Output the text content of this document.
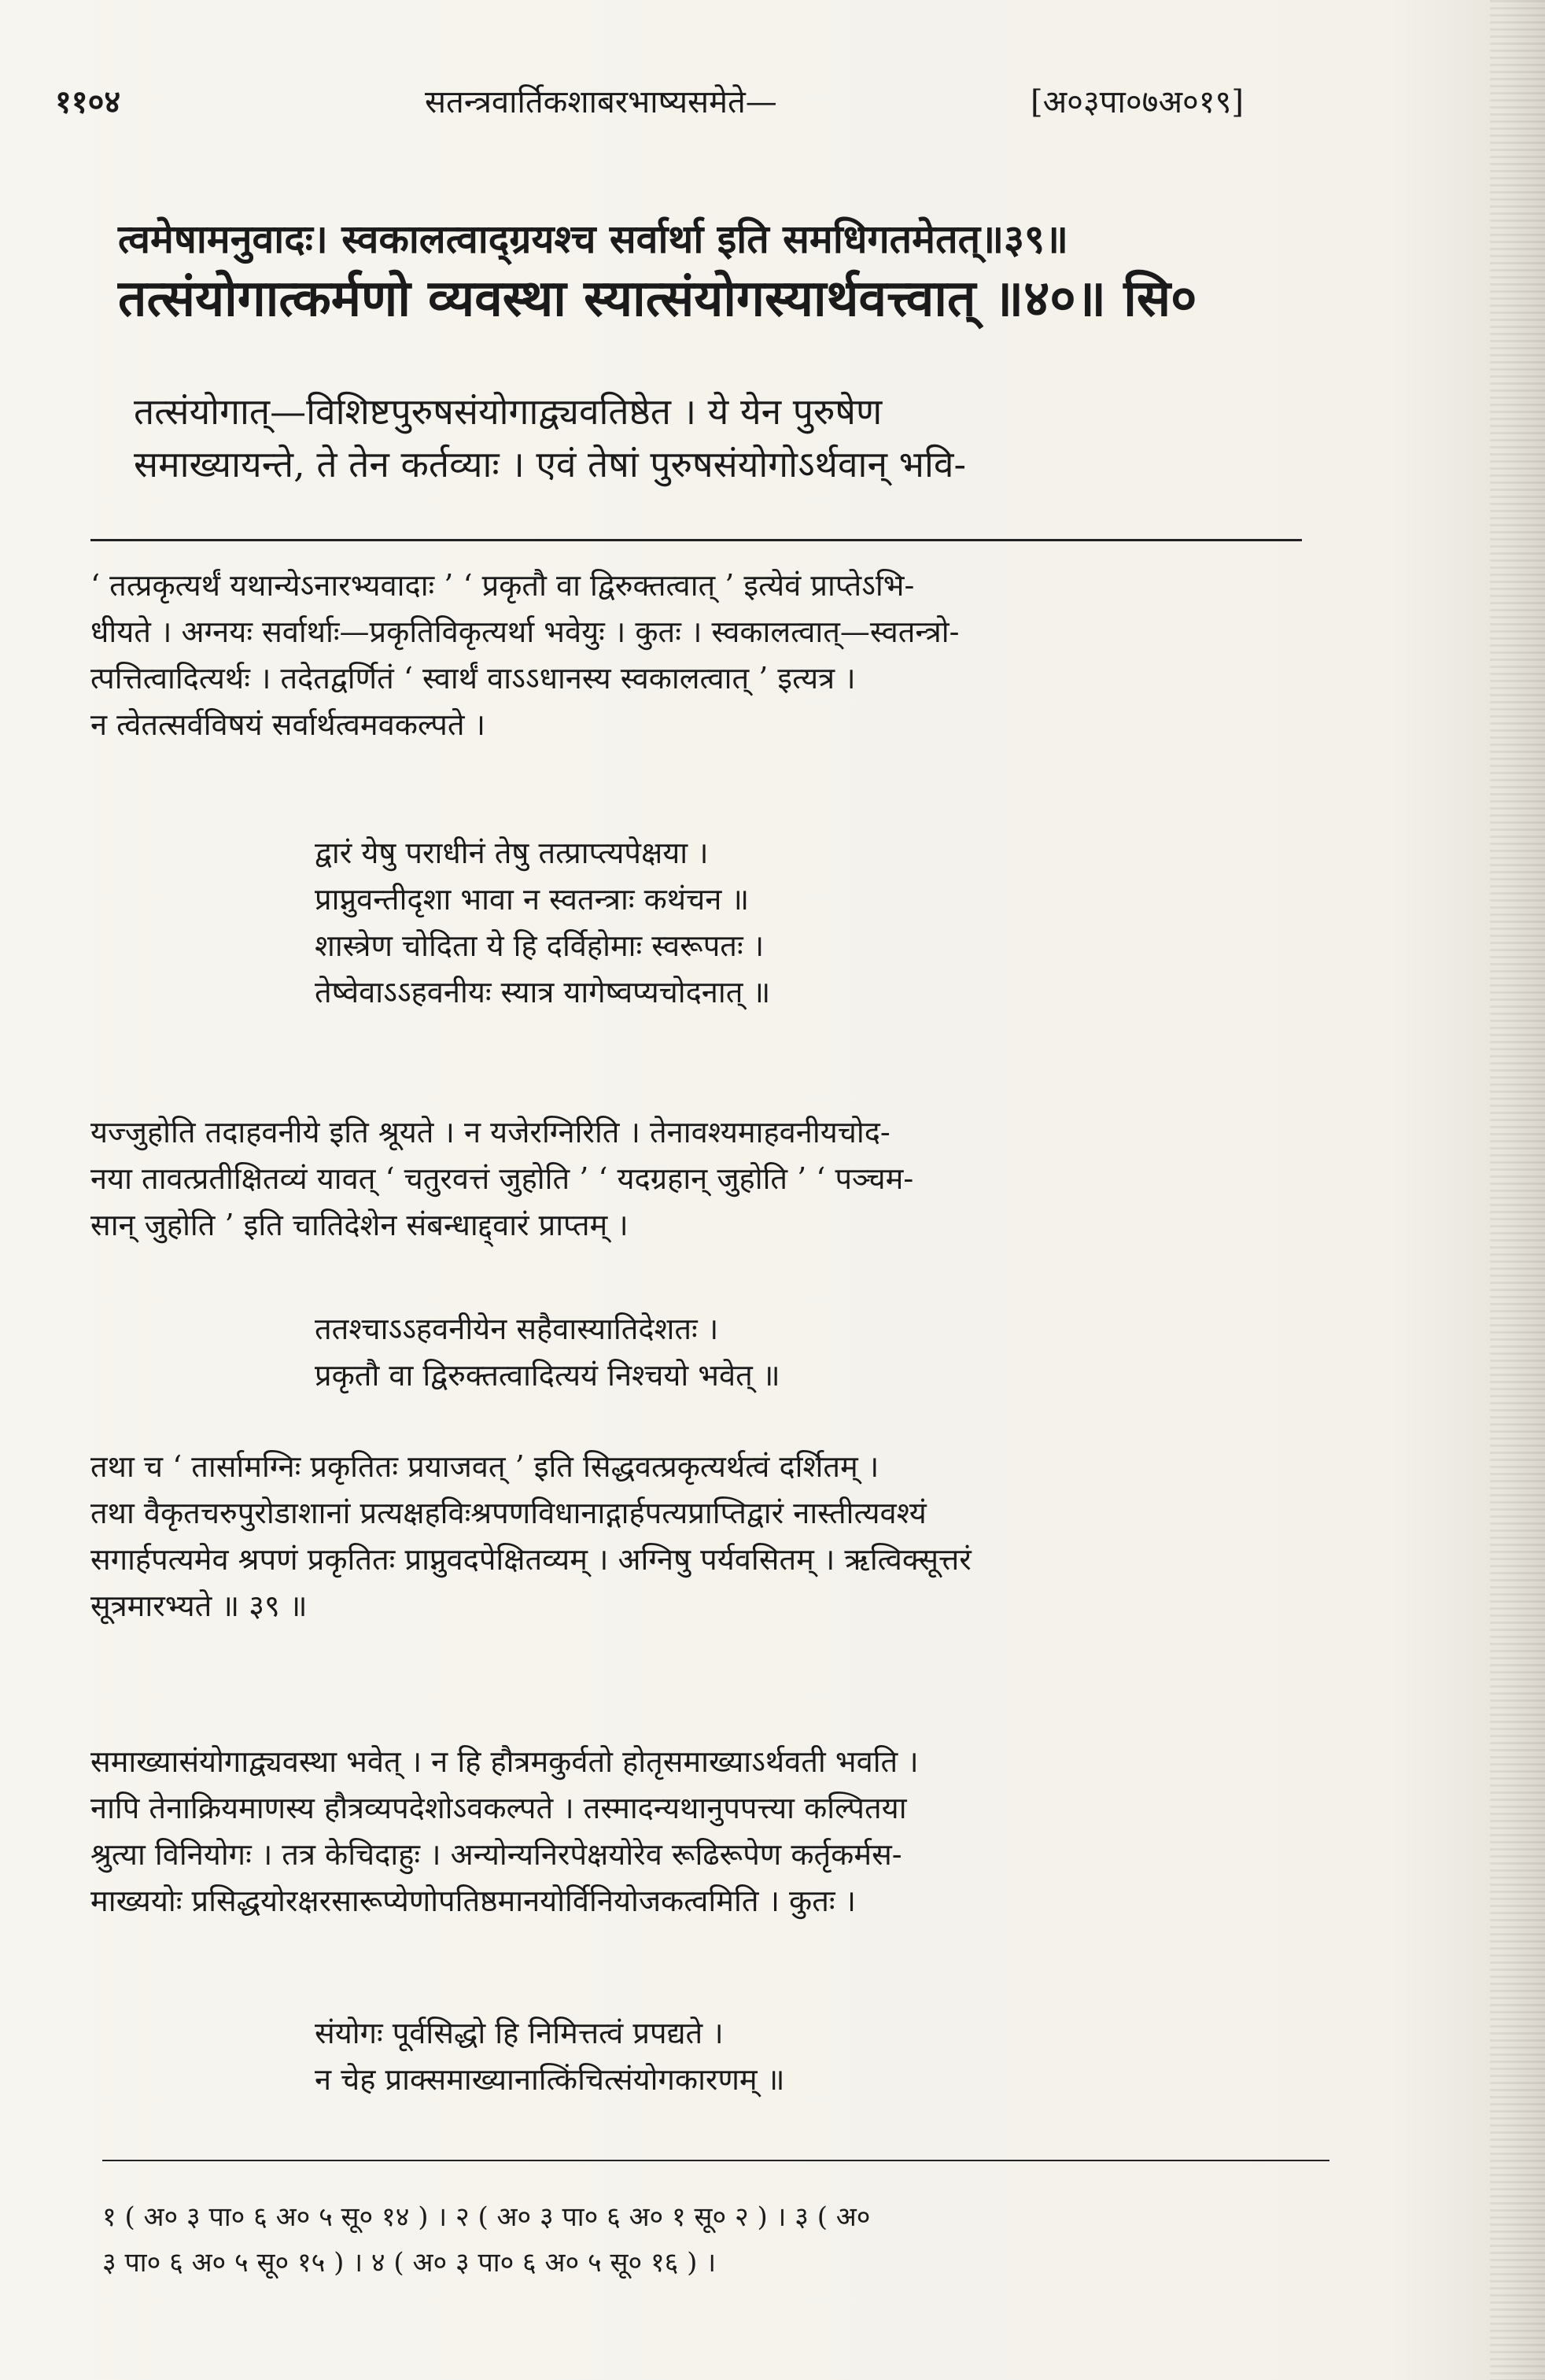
११०४	सतन्त्रवार्तिकशाबरभाष्यसमेते—	[अ०३पा०७अ०१९]
त्वमेषामनुवादः। स्वकालत्वाद्ग्रयश्च सर्वार्था इति समधिगतमेतत्॥३९॥
तत्संयोगात्कर्मणो व्यवस्था स्यात्संयोगस्यार्थवत्त्वात् ॥४०॥ सि०
तत्संयोगात्—विशिष्टपुरुषसंयोगाद्व्यवतिष्ठेत । ये येन पुरुषेण
समाख्यायन्ते, ते तेन कर्तव्याः । एवं तेषां पुरुषसंयोगोऽर्थवान् भवि-
‘ तत्प्रकृत्यर्थं यथान्येऽनारभ्यवादाः ’ ‘ प्रकृतौ वा द्विरुक्तत्वात् ’ इत्येवं प्राप्तेऽभि-
धीयते । अग्नयः सर्वार्थाः—प्रकृतिविकृत्यर्था भवेयुः । कुतः । स्वकालत्वात्—स्वतन्त्रो-
त्पत्तित्वादित्यर्थः । तदेतद्वर्णितं ‘ स्वार्थं वाऽऽधानस्य स्वकालत्वात् ’ इत्यत्र ।
न त्वेतत्सर्वविषयं सर्वार्थत्वमवकल्पते ।
द्वारं येषु पराधीनं तेषु तत्प्राप्त्यपेक्षया ।
प्राप्नुवन्तीदृशा भावा न स्वतन्त्राः कथंचन ॥
शास्त्रेण चोदिता ये हि दर्विहोमाः स्वरूपतः ।
तेष्वेवाऽऽहवनीयः स्यात्र यागेष्वप्यचोदनात् ॥
यज्जुहोति तदाहवनीये इति श्रूयते । न यजेरग्निरिति । तेनावश्यमाहवनीयचोद-
नया तावत्प्रतीक्षितव्यं यावत् ‘ चतुरवत्तं जुहोति ’ ‘ यदग्रहान् जुहोति ’ ‘ पञ्चम-
सान् जुहोति ’ इति चातिदेशेन संबन्धाद्द्वारं प्राप्तम् ।
ततश्चाऽऽहवनीयेन सहैवास्यातिदेशतः ।
प्रकृतौ वा द्विरुक्तत्वादित्ययं निश्चयो भवेत् ॥
तथा च ‘ तार्सामग्निः प्रकृतितः प्रयाजवत् ’ इति सिद्धवत्प्रकृत्यर्थत्वं दर्शितम् ।
तथा वैकृतचरुपुरोडाशानां प्रत्यक्षहविःश्रपणविधानाद्गार्हपत्यप्राप्तिद्वारं नास्तीत्यवश्यं
सगार्हपत्यमेव श्रपणं प्रकृतितः प्राप्नुवदपेक्षितव्यम् । अग्निषु पर्यवसितम् । ऋत्विक्सूत्तरं
सूत्रमारभ्यते ॥ ३९ ॥
समाख्यासंयोगाद्व्यवस्था भवेत् । न हि हौत्रमकुर्वतो होतृसमाख्याऽर्थवती भवति ।
नापि तेनाक्रियमाणस्य हौत्रव्यपदेशोऽवकल्पते । तस्मादन्यथानुपपत्त्या कल्पितया
श्रुत्या विनियोगः । तत्र केचिदाहुः । अन्योन्यनिरपेक्षयोरेव रूढिरूपेण कर्तृकर्मस-
माख्ययोः प्रसिद्धयोरक्षरसारूप्येणोपतिष्ठमानयोर्विनियोजकत्वमिति । कुतः ।
संयोगः पूर्वसिद्धो हि निमित्तत्वं प्रपद्यते ।
न चेह प्राक्समाख्यानात्किंचित्संयोगकारणम् ॥
१ ( अ० ३ पा० ६ अ० ५ सू० १४ ) । २ ( अ० ३ पा० ६ अ० १ सू० २ ) । ३ ( अ०
३ पा० ६ अ० ५ सू० १५ ) । ४ ( अ० ३ पा० ६ अ० ५ सू० १६ ) ।
